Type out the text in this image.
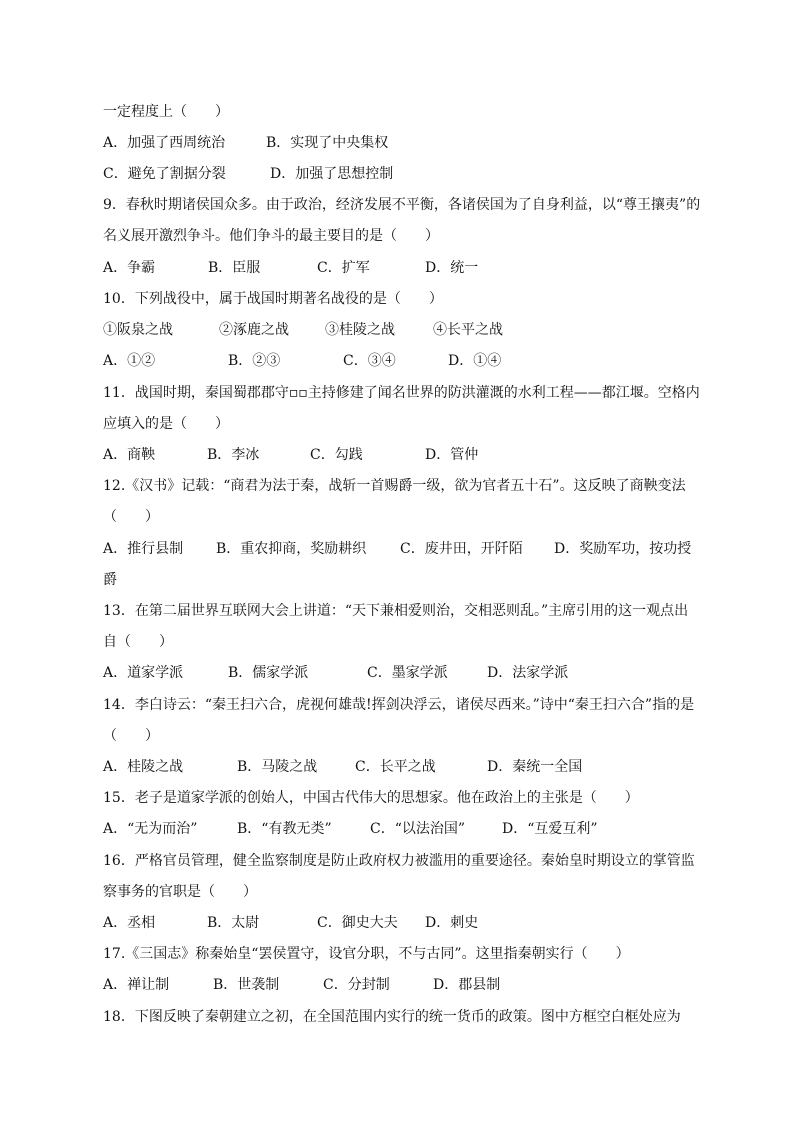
一定程度上（　　）
A．加强了西周统治	B．实现了中央集权
C．避免了割据分裂	D．加强了思想控制
9．春秋时期诸侯国众多。由于政治，经济发展不平衡，各诸侯国为了自身利益，以“尊王攘夷”的
名义展开激烈争斗。他们争斗的最主要目的是（　　）
A．争霸	B．臣服	C．扩军	D．统一
10．下列战役中，属于战国时期著名战役的是（　　）
①阪泉之战	②涿鹿之战	③桂陵之战	④长平之战
A．①②	B．②③	C．③④	D．①④
11．战国时期，秦国蜀郡郡守▫▫主持修建了闻名世界的防洪灌溉的水利工程——都江堰。空格内
应填入的是（　　）
A．商鞅	B．李冰	C．勾践	D．管仲
12.《汉书》记载：“商君为法于秦，战斩一首赐爵一级，欲为官者五十石”。这反映了商鞅变法
（　　）
A．推行县制 B．重农抑商，奖励耕织 C．废井田，开阡陌 D．奖励军功，按功授
爵
13．在第二届世界互联网大会上讲道：“天下兼相爱则治，交相恶则乱。”主席引用的这一观点出
自（　　）
A．道家学派	B．儒家学派	C．墨家学派	D．法家学派
14．李白诗云：“秦王扫六合，虎视何雄哉!挥剑决浮云，诸侯尽西来。”诗中“秦王扫六合”指的是
（　　）
A．桂陵之战	B．马陵之战	C．长平之战	D．秦统一全国
15．老子是道家学派的创始人，中国古代伟大的思想家。他在政治上的主张是（　　）
A．“无为而治”	B．“有教无类”	C．“以法治国”	D．“互爱互利”
16．严格官员管理，健全监察制度是防止政府权力被滥用的重要途径。秦始皇时期设立的掌管监
察事务的官职是（　　）
A．丞相	B．太尉	C．御史大夫 D．刺史
17.《三国志》称秦始皇“罢侯置守，设官分职，不与古同”。这里指秦朝实行（　　）
A．禅让制	B．世袭制	C．分封制	D．郡县制
18．下图反映了秦朝建立之初，在全国范围内实行的统一货币的政策。图中方框空白框处应为
